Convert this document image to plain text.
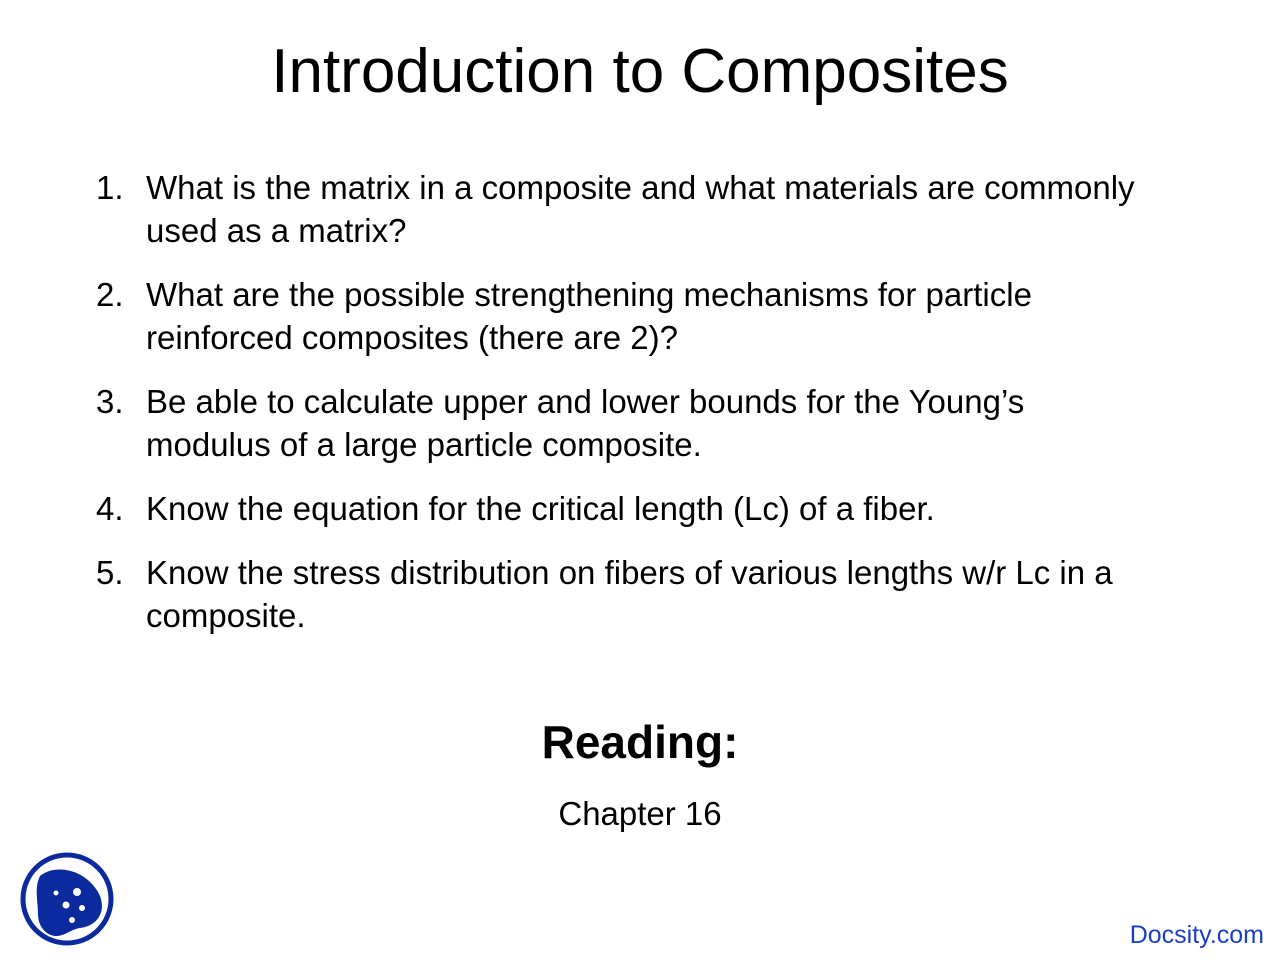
Introduction to Composites
1. What is the matrix in a composite and what materials are commonly used as a matrix?
2. What are the possible strengthening mechanisms for particle reinforced composites (there are 2)?
3. Be able to calculate upper and lower bounds for the Young’s modulus of a large particle composite.
4. Know the equation for the critical length (Lc) of a fiber.
5. Know the stress distribution on fibers of various lengths w/r Lc in a composite.
Reading:
Chapter 16
Docsity.com
